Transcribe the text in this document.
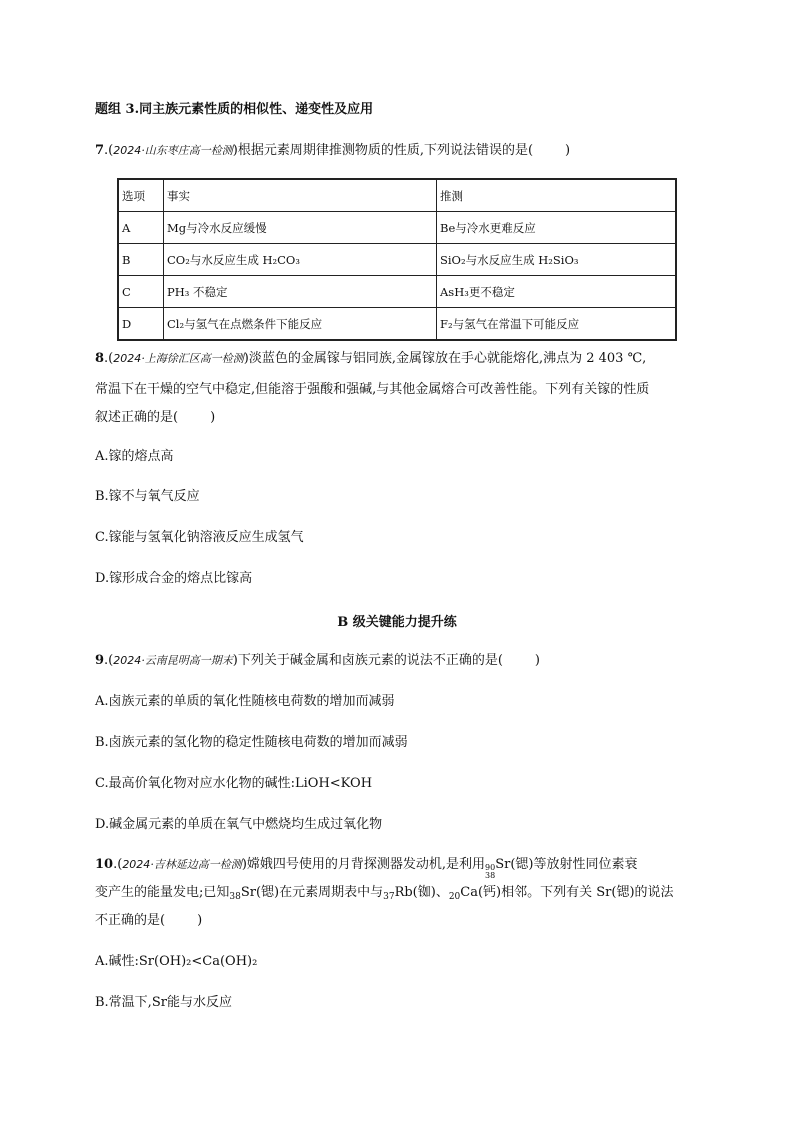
题组 3.同主族元素性质的相似性、递变性及应用
7.(2024·山东枣庄高一检测)根据元素周期律推测物质的性质,下列说法错误的是( )
选项	事实	推测
A	Mg与冷水反应缓慢	Be与冷水更难反应
B	CO₂与水反应生成 H₂CO₃	SiO₂与水反应生成 H₂SiO₃
C	PH₃ 不稳定	AsH₃更不稳定
D	Cl₂与氢气在点燃条件下能反应	F₂与氢气在常温下可能反应
8.(2024·上海徐汇区高一检测)淡蓝色的金属镓与铝同族,金属镓放在手心就能熔化,沸点为 2 403 ℃,
常温下在干燥的空气中稳定,但能溶于强酸和强碱,与其他金属熔合可改善性能。下列有关镓的性质
叙述正确的是( )
A.镓的熔点高
B.镓不与氧气反应
C.镓能与氢氧化钠溶液反应生成氢气
D.镓形成合金的熔点比镓高
B 级关键能力提升练
9.(2024·云南昆明高一期末)下列关于碱金属和卤族元素的说法不正确的是( )
A.卤族元素的单质的氧化性随核电荷数的增加而减弱
B.卤族元素的氢化物的稳定性随核电荷数的增加而减弱
C.最高价氧化物对应水化物的碱性:LiOH<KOH
D.碱金属元素的单质在氧气中燃烧均生成过氧化物
10.(2024·吉林延边高一检测)嫦娥四号使用的月背探测器发动机,是利用 90
38
Sr(锶)等放射性同位素衰
变产生的能量发电;已知$_{38}$Sr(锶)在元素周期表中与$_{37}$Rb(铷)、$_{20}$Ca(钙)相邻。下列有关 Sr(锶)的说法
不正确的是( )
A.碱性:Sr(OH)₂<Ca(OH)₂
B.常温下,Sr能与水反应
